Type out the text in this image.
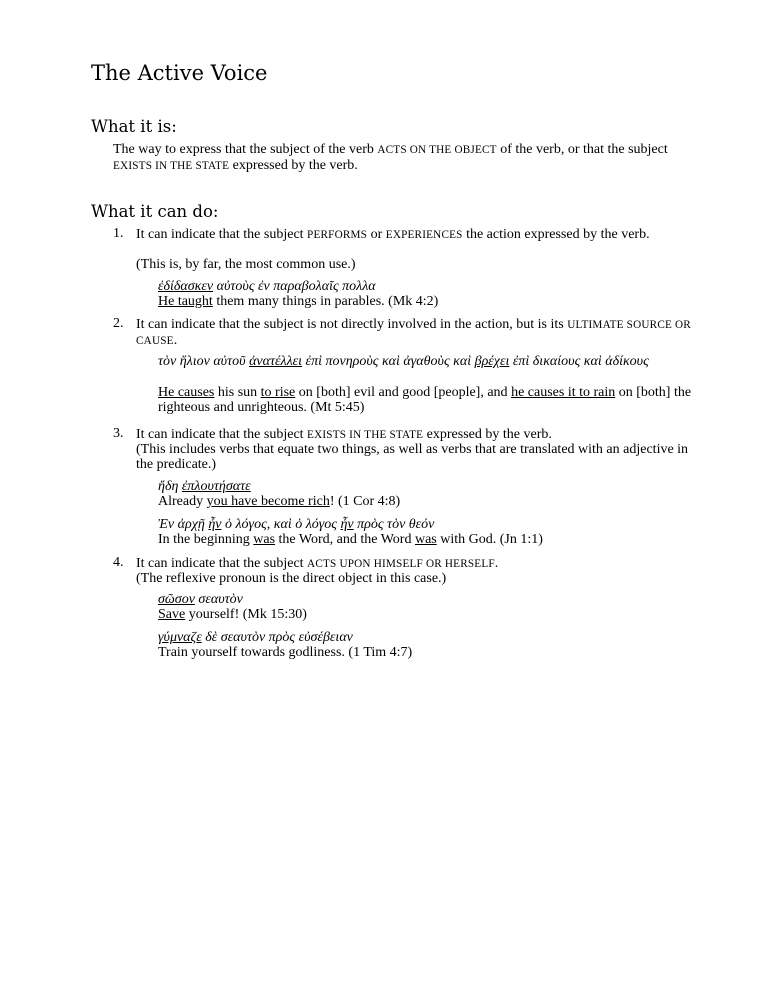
The Active Voice
What it is:
The way to express that the subject of the verb ACTS ON THE OBJECT of the verb, or that the subject EXISTS IN THE STATE expressed by the verb.
What it can do:
1. It can indicate that the subject PERFORMS or EXPERIENCES the action expressed by the verb.
(This is, by far, the most common use.)
ἐδίδασκεν αὐτοὺς ἐν παραβολαῖς πολλα
He taught them many things in parables. (Mk 4:2)
2. It can indicate that the subject is not directly involved in the action, but is its ULTIMATE SOURCE OR CAUSE.
τὸν ἥλιον αὐτοῦ ἀνατέλλει ἐπὶ πονηροὺς καὶ ἀγαθοὺς καὶ βρέχει ἐπὶ δικαίους καὶ ἀδίκους
He causes his sun to rise on [both] evil and good [people], and he causes it to rain on [both] the righteous and unrighteous. (Mt 5:45)
3. It can indicate that the subject EXISTS IN THE STATE expressed by the verb.
(This includes verbs that equate two things, as well as verbs that are translated with an adjective in the predicate.)
ἤδη ἐπλουτήσατε
Already you have become rich! (1 Cor 4:8)
Ἐν ἀρχῇ ἦν ὁ λόγος, καὶ ὁ λόγος ἦν πρὸς τὸν θεόν
In the beginning was the Word, and the Word was with God. (Jn 1:1)
4. It can indicate that the subject ACTS UPON HIMSELF OR HERSELF.
(The reflexive pronoun is the direct object in this case.)
σῶσον σεαυτὸν
Save yourself! (Mk 15:30)
γύμναζε δὲ σεαυτὸν πρὸς εὐσέβειαν
Train yourself towards godliness. (1 Tim 4:7)
